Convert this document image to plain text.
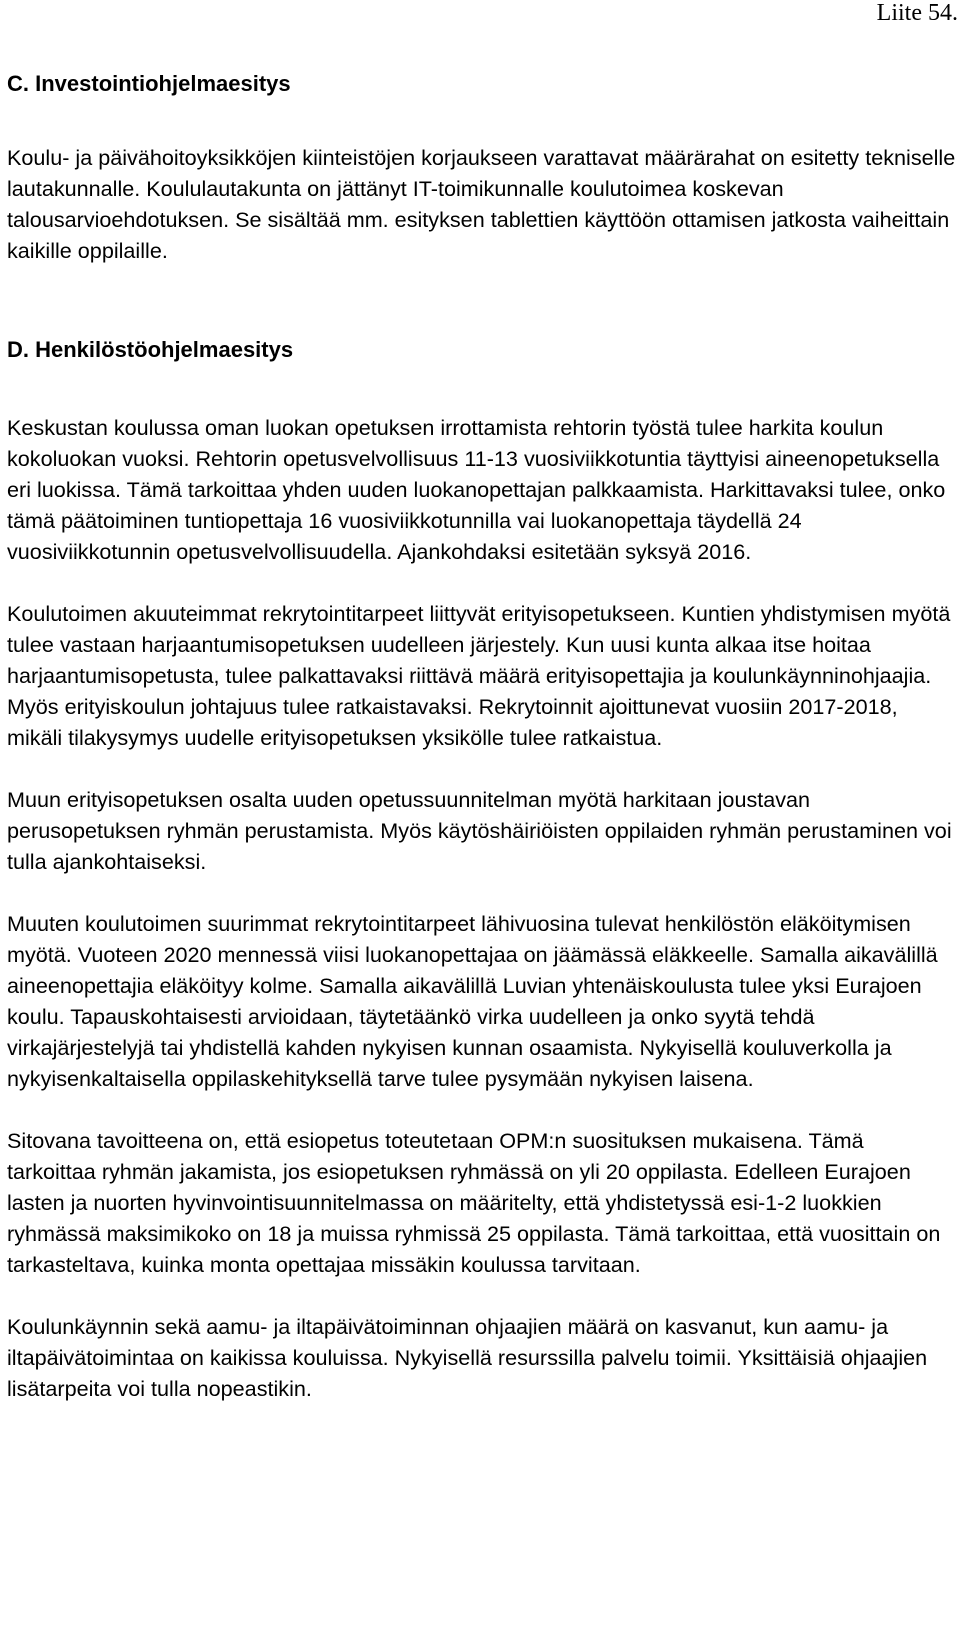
Liite 54.
C. Investointiohjelmaesitys

Koulu- ja päivähoitoyksikköjen kiinteistöjen korjaukseen varattavat määrärahat on esitetty tekniselle lautakunnalle. Koululautakunta on jättänyt IT-toimikunnalle koulutoimea koskevan talousarvioehdotuksen. Se sisältää mm. esityksen tablettien käyttöön ottamisen jatkosta vaiheittain kaikille oppilaille.

D. Henkilöstöohjelmaesitys

Keskustan koulussa oman luokan opetuksen irrottamista rehtorin työstä tulee harkita koulun kokoluokan vuoksi. Rehtorin opetusvelvollisuus 11-13 vuosiviikkotuntia täyttyisi aineenopetuksella eri luokissa. Tämä tarkoittaa yhden uuden luokanopettajan palkkaamista. Harkittavaksi tulee, onko tämä päätoiminen tuntiopettaja 16 vuosiviikkotunnilla vai luokanopettaja täydellä 24 vuosiviikkotunnin opetusvelvollisuudella. Ajankohdaksi esitetään syksyä 2016.

Koulutoimen akuuteimmat rekrytointitarpeet liittyvät erityisopetukseen. Kuntien yhdistymisen myötä tulee vastaan harjaantumisopetuksen uudelleen järjestely. Kun uusi kunta alkaa itse hoitaa harjaantumisopetusta, tulee palkattavaksi riittävä määrä erityisopettajia ja koulunkäynninohjaajia. Myös erityiskoulun johtajuus tulee ratkaistavaksi. Rekrytoinnit ajoittunevat vuosiin 2017-2018, mikäli tilakysymys uudelle erityisopetuksen yksikölle tulee ratkaistua.

Muun erityisopetuksen osalta uuden opetussuunnitelman myötä harkitaan joustavan perusopetuksen ryhmän perustamista. Myös käytöshäiriöisten oppilaiden ryhmän perustaminen voi tulla ajankohtaiseksi.

Muuten koulutoimen suurimmat rekrytointitarpeet lähivuosina tulevat henkilöstön eläköitymisen myötä. Vuoteen 2020 mennessä viisi luokanopettajaa on jäämässä eläkkeelle. Samalla aikavälillä aineenopettajia eläköityy kolme. Samalla aikavälillä Luvian yhtenäiskoulusta tulee yksi Eurajoen koulu. Tapauskohtaisesti arvioidaan, täytetäänkö virka uudelleen ja onko syytä tehdä virkajärjestelyjä tai yhdistellä kahden nykyisen kunnan osaamista. Nykyisellä kouluverkolla ja nykyisenkaltaisella oppilaskehityksellä tarve tulee pysymään nykyisen laisena.

Sitovana tavoitteena on, että esiopetus toteutetaan OPM:n suosituksen mukaisena. Tämä tarkoittaa ryhmän jakamista, jos esiopetuksen ryhmässä on yli 20 oppilasta. Edelleen Eurajoen lasten ja nuorten hyvinvointisuunnitelmassa on määritelty, että yhdistetyssä esi-1-2 luokkien ryhmässä maksimikoko on 18 ja muissa ryhmissä 25 oppilasta. Tämä tarkoittaa, että vuosittain on tarkasteltava, kuinka monta opettajaa missäkin koulussa tarvitaan.

Koulunkäynnin sekä aamu- ja iltapäivätoiminnan ohjaajien määrä on kasvanut, kun aamu- ja iltapäivätoimintaa on kaikissa kouluissa. Nykyisellä resurssilla palvelu toimii. Yksittäisiä ohjaajien lisätarpeita voi tulla nopeastikin.
